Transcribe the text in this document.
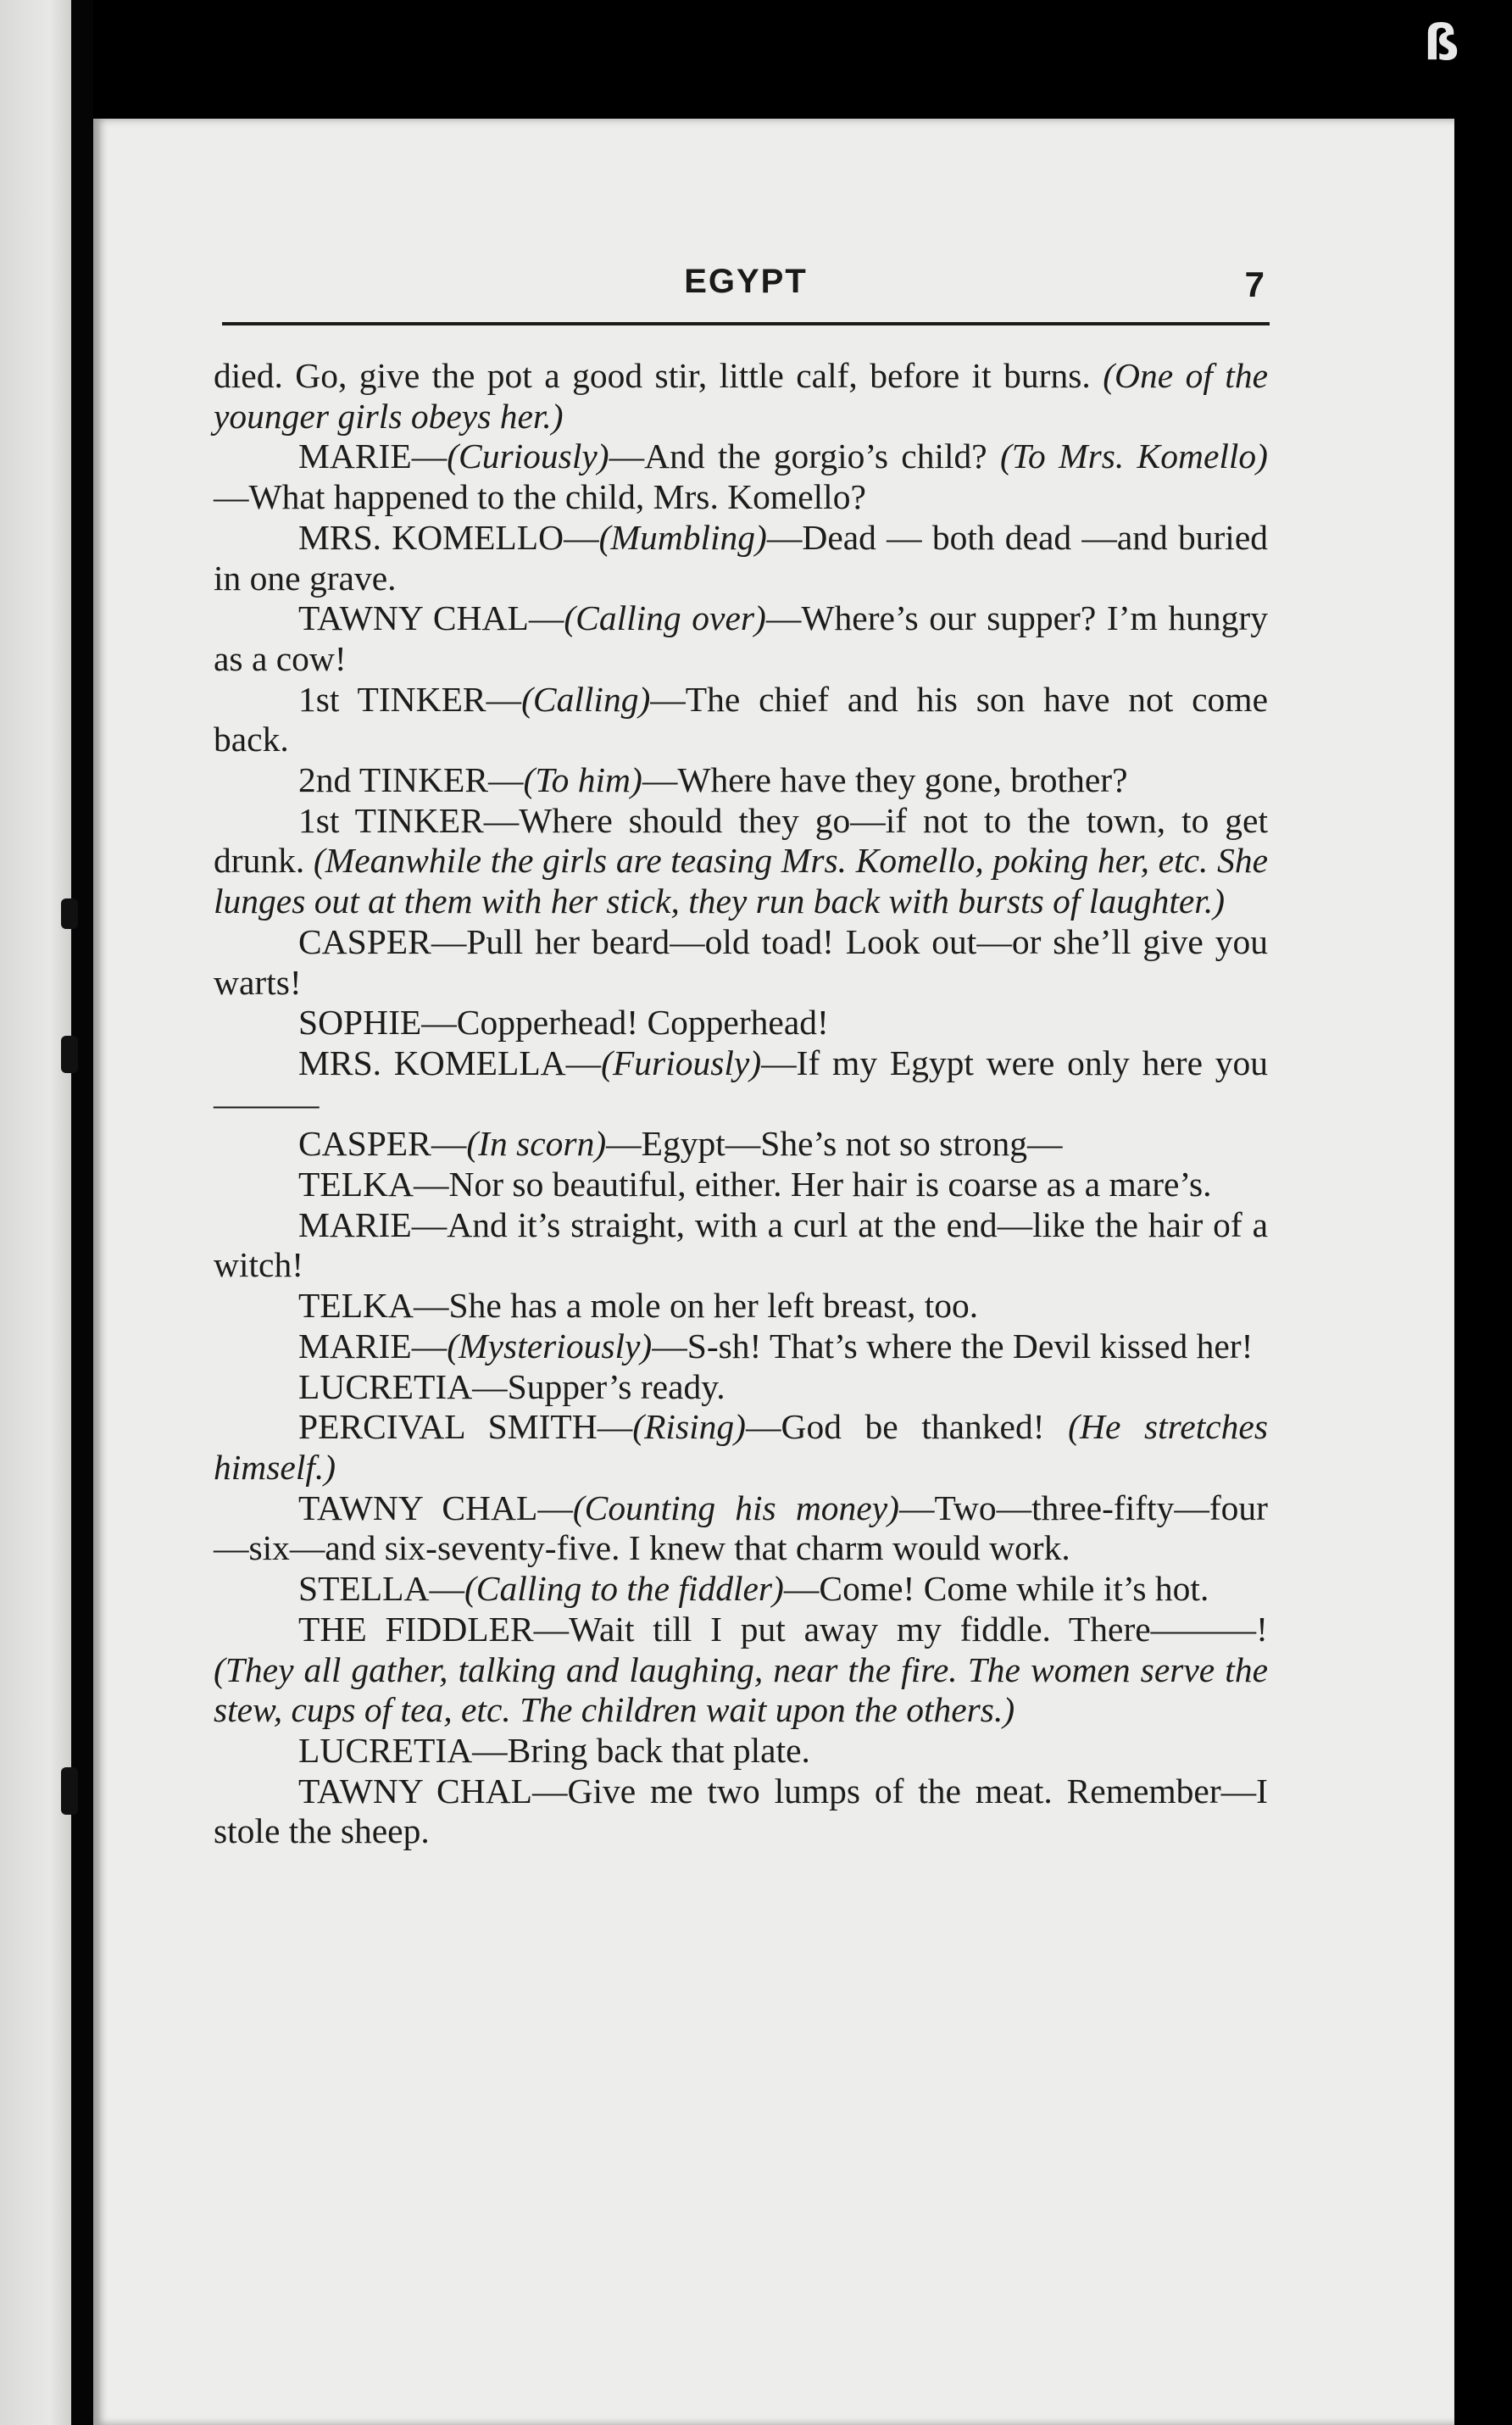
ß
EGYPT	7

died. Go, give the pot a good stir, little calf, before it burns. (One of the younger girls obeys her.)

MARIE—(Curiously)—And the gorgio’s child? (To Mrs. Komello)—What happened to the child, Mrs. Komello?

MRS. KOMELLO—(Mumbling)—Dead — both dead —and buried in one grave.

TAWNY CHAL—(Calling over)—Where’s our supper? I’m hungry as a cow!

1st TINKER—(Calling)—The chief and his son have not come back.

2nd TINKER—(To him)—Where have they gone, brother?

1st TINKER—Where should they go—if not to the town, to get drunk. (Meanwhile the girls are teasing Mrs. Komello, poking her, etc. She lunges out at them with her stick, they run back with bursts of laughter.)

CASPER—Pull her beard—old toad! Look out—or she’ll give you warts!

SOPHIE—Copperhead! Copperhead!

MRS. KOMELLA—(Furiously)—If my Egypt were only here you———

CASPER—(In scorn)—Egypt—She’s not so strong—

TELKA—Nor so beautiful, either. Her hair is coarse as a mare’s.

MARIE—And it’s straight, with a curl at the end—like the hair of a witch!

TELKA—She has a mole on her left breast, too.

MARIE—(Mysteriously)—S-sh! That’s where the Devil kissed her!

LUCRETIA—Supper’s ready.

PERCIVAL SMITH—(Rising)—God be thanked! (He stretches himself.)

TAWNY CHAL—(Counting his money)—Two—three-fifty—four—six—and six-seventy-five. I knew that charm would work.

STELLA—(Calling to the fiddler)—Come! Come while it’s hot.

THE FIDDLER—Wait till I put away my fiddle. There———! (They all gather, talking and laughing, near the fire. The women serve the stew, cups of tea, etc. The children wait upon the others.)

LUCRETIA—Bring back that plate.

TAWNY CHAL—Give me two lumps of the meat. Remember—I stole the sheep.
